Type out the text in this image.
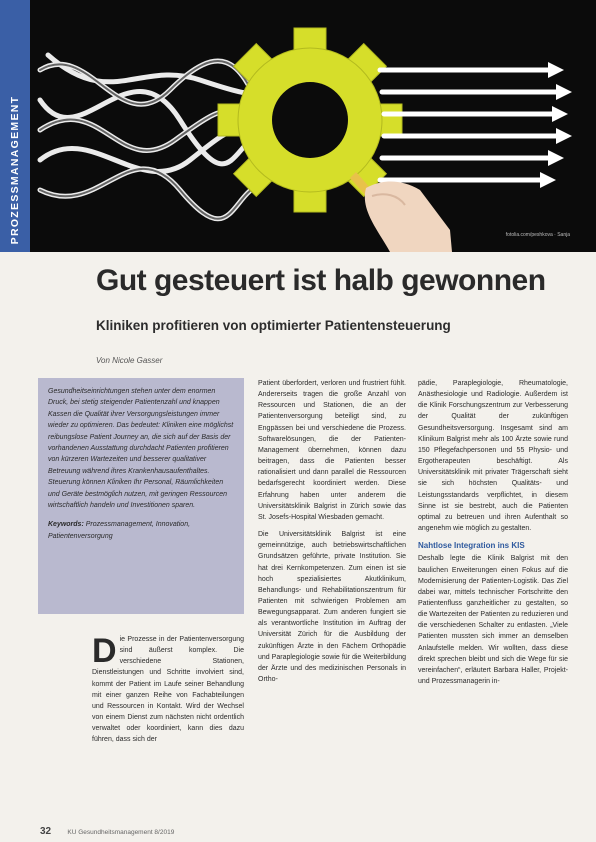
PROZESSMANAGEMENT	fotolia.com/peshkova · Sanja
Gut gesteuert ist halb gewonnen
Kliniken profitieren von optimierter Patientensteuerung
Von Nicole Gasser

Gesundheitseinrichtungen stehen unter dem enormen Druck, bei stetig steigender Patientenzahl und knappen Kassen die Qualität ihrer Versorgungsleistungen immer wieder zu optimieren. Das bedeutet: Kliniken eine möglichst reibungslose Patient Journey an, die sich auf der Basis der vorhandenen Ausstattung durchdacht Patienten profitieren von kürzeren Wartezeiten und besserer qualitativer Betreuung während ihres Krankenhausaufenthaltes. Steuerung können Kliniken Ihr Personal, Räumlichkeiten und Geräte bestmöglich nutzen, mit geringen Ressourcen wirtschaftlich handeln und Investitionen sparen.

Keywords: Prozessmanagement, Innovation, Patientenversorgung

D ie Prozesse in der Patientenversorgung sind äußerst komplex. Die verschiedene Stationen, Dienstleistungen und Schritte involviert sind, kommt der Patient im Laufe seiner Behandlung mit einer ganzen Reihe von Fachabteilungen und Ressourcen in Kontakt. Wird der Wechsel von einem Dienst zum nächsten nicht ordentlich verwaltet oder koordiniert, kann dies dazu führen, dass sich der

Patient überfordert, verloren und frustriert fühlt. Andererseits tragen die große Anzahl von Ressourcen und Stationen, die an der Patientenversorgung beteiligt sind, zu Engpässen bei und verschiedene die Prozess. Softwarelösungen, die der Patienten-Management übernehmen, können dazu beitragen, dass die Patienten besser rationalisiert und dann parallel die Ressourcen bedarfsgerecht koordiniert werden. Diese Erfahrung haben unter anderem die Universitätsklinik Balgrist in Zürich sowie das St. Josefs-Hospital Wiesbaden gemacht.

Die Universitätsklinik Balgrist ist eine gemeinnützige, auch betriebswirtschaftlichen Grundsätzen geführte, private Institution. Sie hat drei Kernkompetenzen. Zum einen ist sie hoch spezialisiertes Akutklinikum, Behandlungs- und Rehabilitationszentrum für Patienten mit schwierigen Problemen am Bewegungsapparat. Zum anderen fungiert sie als verantwortliche Institution im Auftrag der Universität Zürich für die Ausbildung der zukünftigen Ärzte in den Fächern Orthopädie und Paraplegiologie sowie für die Weiterbildung der Ärzte und des medizinischen Personals in Ortho-

pädie, Paraplegiologie, Rheumatologie, Anästhesiologie und Radiologie. Außerdem ist die Klinik Forschungszentrum zur Verbesserung der Qualität der zukünftigen Gesundheitsversorgung. Insgesamt sind am Klinikum Balgrist mehr als 100 Ärzte sowie rund 150 Pflegefachpersonen und 55 Physio- und Ergotherapeuten beschäftigt. Als Universitätsklinik mit privater Trägerschaft sieht sie sich höchsten Qualitäts- und Leistungsstandards verpflichtet, in diesem Sinne ist sie bestrebt, auch die Patienten optimal zu betreuen und ihren Aufenthalt so angenehm wie möglich zu gestalten.

Nahtlose Integration ins KIS

Deshalb legte die Klinik Balgrist mit den baulichen Erweiterungen einen Fokus auf die Modernisierung der Patienten-Logistik. Das Ziel dabei war, mittels technischer Fortschritte den Patientenfluss ganzheitlicher zu gestalten, so die Wartezeiten der Patienten zu reduzieren und die verschiedenen Schalter zu entlasten. „Viele Patienten mussten sich immer an demselben Anlaufstelle melden. Wir wollten, dass diese direkt sprechen bleibt und sich die Wege für sie vereinfachen“, erläutert Barbara Haller, Projekt- und Prozessmanagerin in-

32 KU Gesundheitsmanagement 8/2019
